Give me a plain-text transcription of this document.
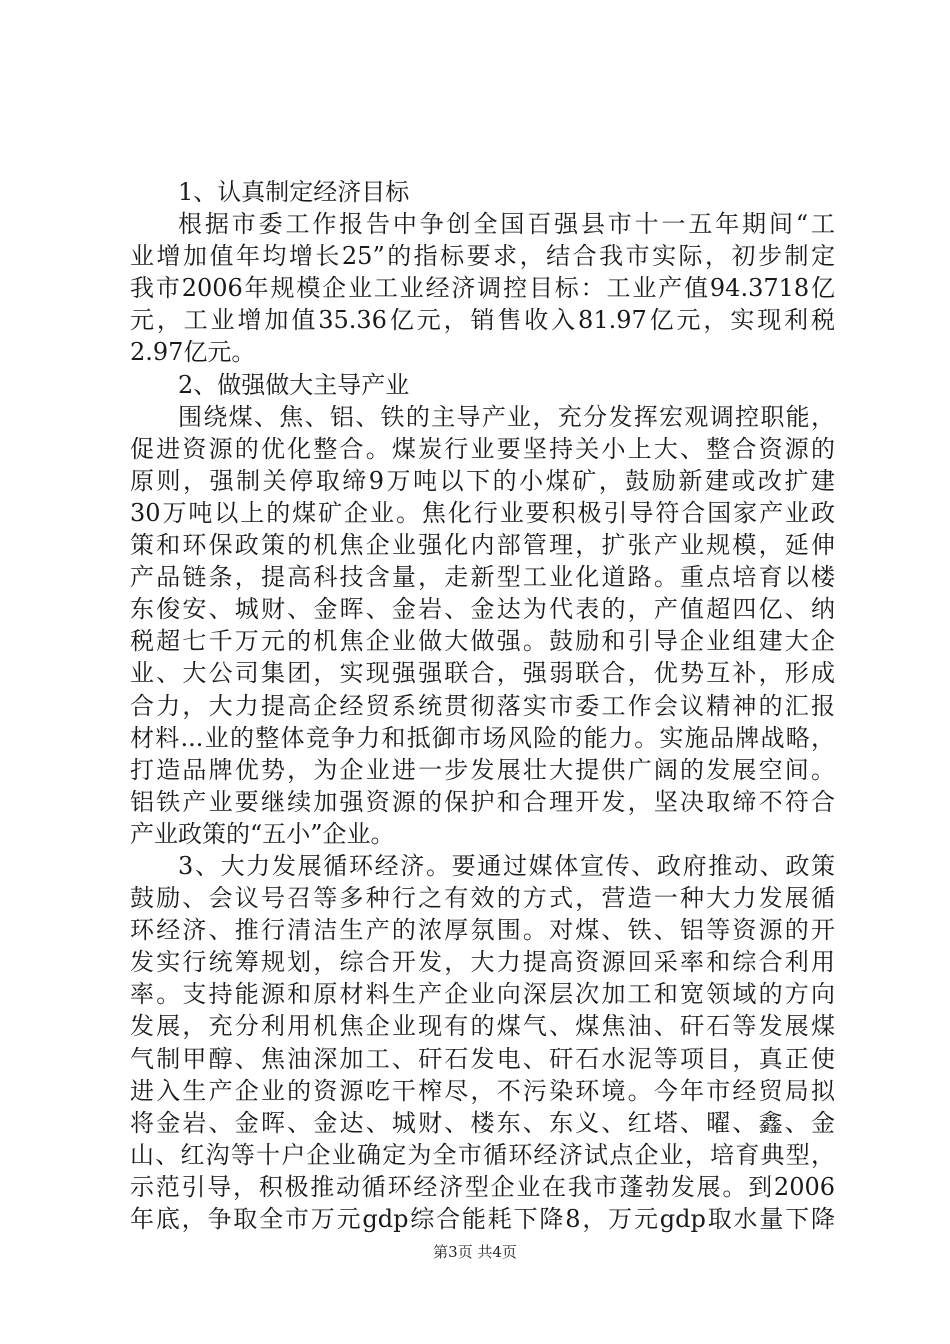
1、认真制定经济目标
根据市委工作报告中争创全国百强县市十一五年期间“工
业增加值年均增长25”的指标要求，结合我市实际，初步制定
我市2006年规模企业工业经济调控目标：工业产值94.3718亿
元，工业增加值35.36亿元，销售收入81.97亿元，实现利税
2.97亿元。
2、做强做大主导产业
围绕煤、焦、铝、铁的主导产业，充分发挥宏观调控职能，
促进资源的优化整合。煤炭行业要坚持关小上大、整合资源的
原则，强制关停取缔9万吨以下的小煤矿，鼓励新建或改扩建
30万吨以上的煤矿企业。焦化行业要积极引导符合国家产业政
策和环保政策的机焦企业强化内部管理，扩张产业规模，延伸
产品链条，提高科技含量，走新型工业化道路。重点培育以楼
东俊安、城财、金晖、金岩、金达为代表的，产值超四亿、纳
税超七千万元的机焦企业做大做强。鼓励和引导企业组建大企
业、大公司集团，实现强强联合，强弱联合，优势互补，形成
合力，大力提高企经贸系统贯彻落实市委工作会议精神的汇报
材料...业的整体竞争力和抵御市场风险的能力。实施品牌战略，
打造品牌优势，为企业进一步发展壮大提供广阔的发展空间。
铝铁产业要继续加强资源的保护和合理开发，坚决取缔不符合
产业政策的“五小”企业。
3、大力发展循环经济。要通过媒体宣传、政府推动、政策
鼓励、会议号召等多种行之有效的方式，营造一种大力发展循
环经济、推行清洁生产的浓厚氛围。对煤、铁、铝等资源的开
发实行统筹规划，综合开发，大力提高资源回采率和综合利用
率。支持能源和原材料生产企业向深层次加工和宽领域的方向
发展，充分利用机焦企业现有的煤气、煤焦油、矸石等发展煤
气制甲醇、焦油深加工、矸石发电、矸石水泥等项目，真正使
进入生产企业的资源吃干榨尽，不污染环境。今年市经贸局拟
将金岩、金晖、金达、城财、楼东、东义、红塔、曜、鑫、金
山、红沟等十户企业确定为全市循环经济试点企业，培育典型，
示范引导，积极推动循环经济型企业在我市蓬勃发展。到2006
年底，争取全市万元gdp综合能耗下降8，万元gdp取水量下降
第3页 共4页
